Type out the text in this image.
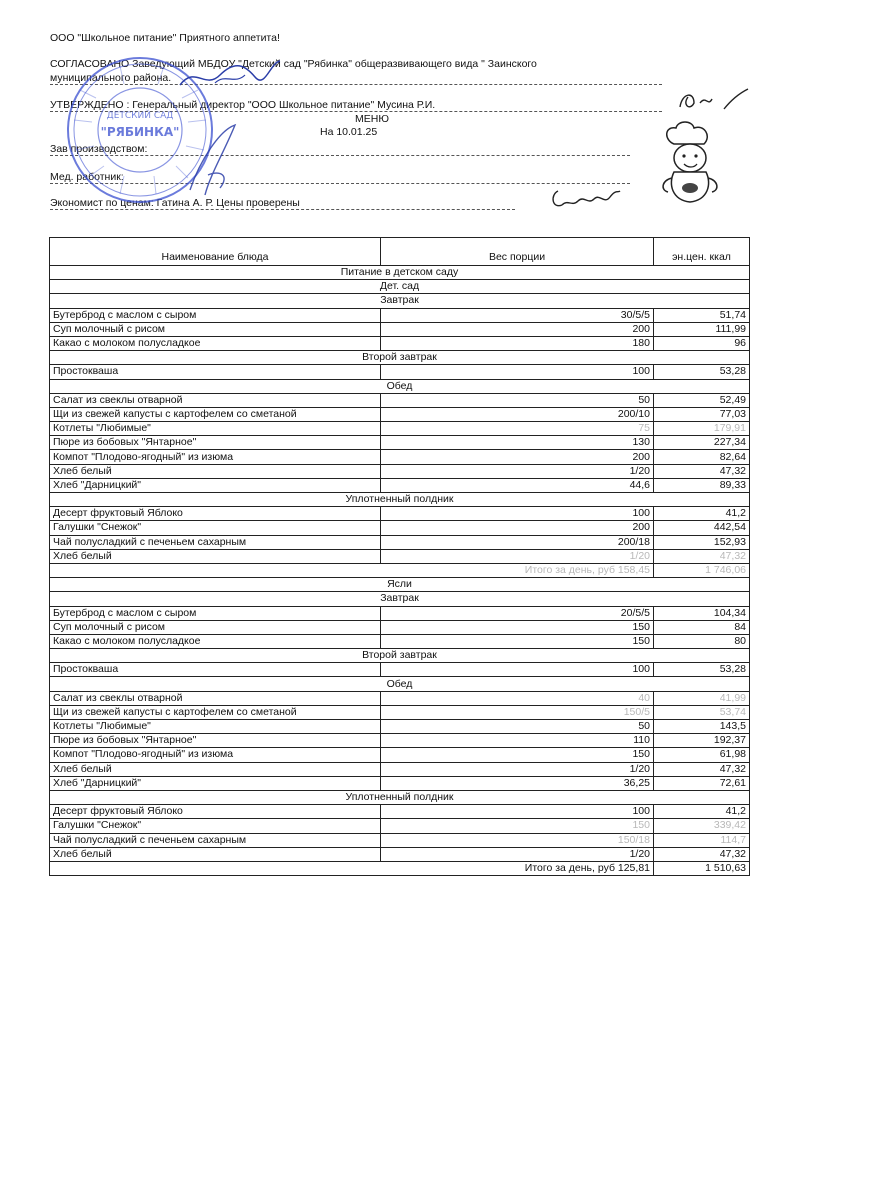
ООО "Школьное питание" Приятного аппетита!
СОГЛАСОВАНО Заведующий МБДОУ "Детский сад "Рябинка" общеразвивающего вида " Заинского
муниципального района.
УТВЕРЖДЕНО : Генеральный директор "ООО Школьное питание" Мусина Р.И.
МЕНЮ
На 10.01.25
Зав производством:
Мед. работник:
Экономист по ценам: Гатина А. Р. Цены проверены
ДЕТСКИЙ САД
"РЯБИНКА"
Наименование блюда	Вес порции	эн.цен. ккал
Питание в детском саду		
Дет. сад		
Завтрак		
Бутерброд с маслом с сыром	30/5/5	51,74
Суп молочный с рисом	200	111,99
Какао с молоком полусладкое	180	96
Второй завтрак		
Простокваша	100	53,28
Обед		
Салат из свеклы отварной	50	52,49
Щи из свежей капусты с картофелем со сметаной	200/10	77,03
Котлеты "Любимые"	75	179,91
Пюре из бобовых "Янтарное"	130	227,34
Компот "Плодово-ягодный" из изюма	200	82,64
Хлеб белый	1/20	47,32
Хлеб "Дарницкий"	44,6	89,33
Уплотненный полдник		
Десерт фруктовый Яблоко	100	41,2
Галушки "Снежок"	200	442,54
Чай полусладкий с печеньем сахарным	200/18	152,93
Хлеб белый	1/20	47,32
Итого за день, руб 158,45		1 746,06
Ясли		
Завтрак		
Бутерброд с маслом с сыром	20/5/5	104,34
Суп молочный с рисом	150	84
Какао с молоком полусладкое	150	80
Второй завтрак		
Простокваша	100	53,28
Обед		
Салат из свеклы отварной	40	41,99
Щи из свежей капусты с картофелем со сметаной	150/5	53,74
Котлеты "Любимые"	50	143,5
Пюре из бобовых "Янтарное"	110	192,37
Компот "Плодово-ягодный" из изюма	150	61,98
Хлеб белый	1/20	47,32
Хлеб "Дарницкий"	36,25	72,61
Уплотненный полдник		
Десерт фруктовый Яблоко	100	41,2
Галушки "Снежок"	150	339,42
Чай полусладкий с печеньем сахарным	150/18	114,7
Хлеб белый	1/20	47,32
Итого за день, руб 125,81		1 510,63
